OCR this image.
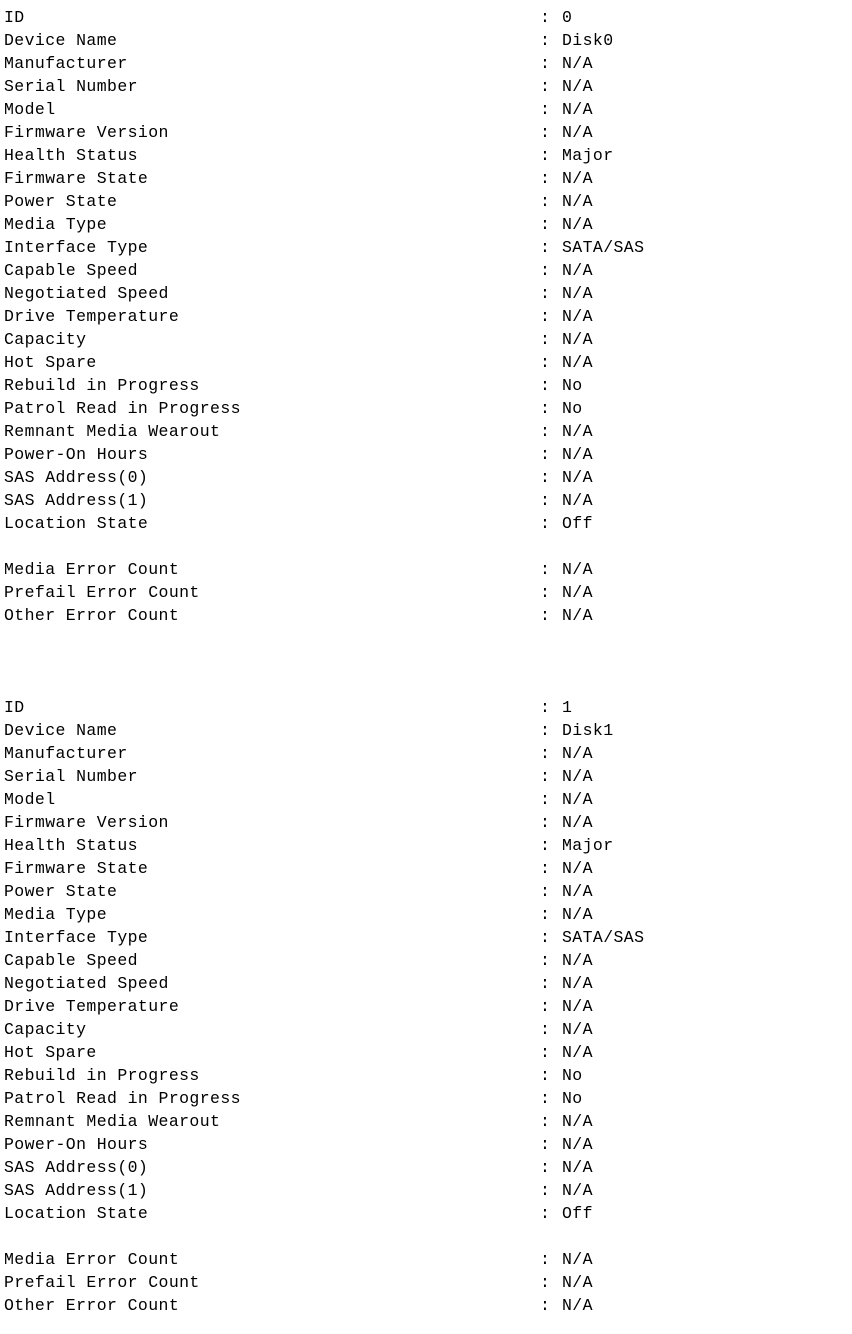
ID	: 0
Device Name	: Disk0
Manufacturer	: N/A
Serial Number	: N/A
Model	: N/A
Firmware Version	: N/A
Health Status	: Major
Firmware State	: N/A
Power State	: N/A
Media Type	: N/A
Interface Type	: SATA/SAS
Capable Speed	: N/A
Negotiated Speed	: N/A
Drive Temperature	: N/A
Capacity	: N/A
Hot Spare	: N/A
Rebuild in Progress	: No
Patrol Read in Progress	: No
Remnant Media Wearout	: N/A
Power-On Hours	: N/A
SAS Address(0)	: N/A
SAS Address(1)	: N/A
Location State	: Off
Media Error Count	: N/A
Prefail Error Count	: N/A
Other Error Count	: N/A
ID	: 1
Device Name	: Disk1
Manufacturer	: N/A
Serial Number	: N/A
Model	: N/A
Firmware Version	: N/A
Health Status	: Major
Firmware State	: N/A
Power State	: N/A
Media Type	: N/A
Interface Type	: SATA/SAS
Capable Speed	: N/A
Negotiated Speed	: N/A
Drive Temperature	: N/A
Capacity	: N/A
Hot Spare	: N/A
Rebuild in Progress	: No
Patrol Read in Progress	: No
Remnant Media Wearout	: N/A
Power-On Hours	: N/A
SAS Address(0)	: N/A
SAS Address(1)	: N/A
Location State	: Off
Media Error Count	: N/A
Prefail Error Count	: N/A
Other Error Count	: N/A
